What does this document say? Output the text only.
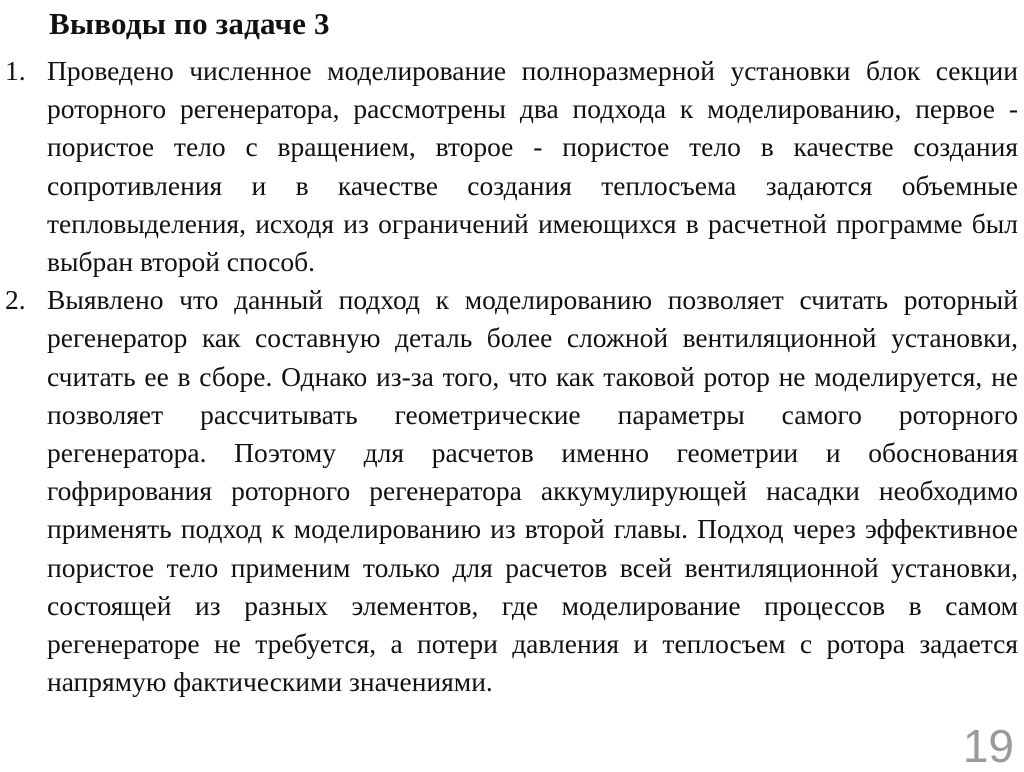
Выводы по задаче 3
1. Проведено численное моделирование полноразмерной установки блок секции роторного регенератора, рассмотрены два подхода к моделированию, первое - пористое тело с вращением, второе - пористое тело в качестве создания сопротивления и в качестве создания теплосъема задаются объемные тепловыделения, исходя из ограничений имеющихся в расчетной программе был выбран второй способ.
2. Выявлено что данный подход к моделированию позволяет считать роторный регенератор как составную деталь более сложной вентиляционной установки, считать ее в сборе. Однако из-за того, что как таковой ротор не моделируется, не позволяет рассчитывать геометрические параметры самого роторного регенератора. Поэтому для расчетов именно геометрии и обоснования гофрирования роторного регенератора аккумулирующей насадки необходимо применять подход к моделированию из второй главы. Подход через эффективное пористое тело применим только для расчетов всей вентиляционной установки, состоящей из разных элементов, где моделирование процессов в самом регенераторе не требуется, а потери давления и теплосъем с ротора задается напрямую фактическими значениями.
19
